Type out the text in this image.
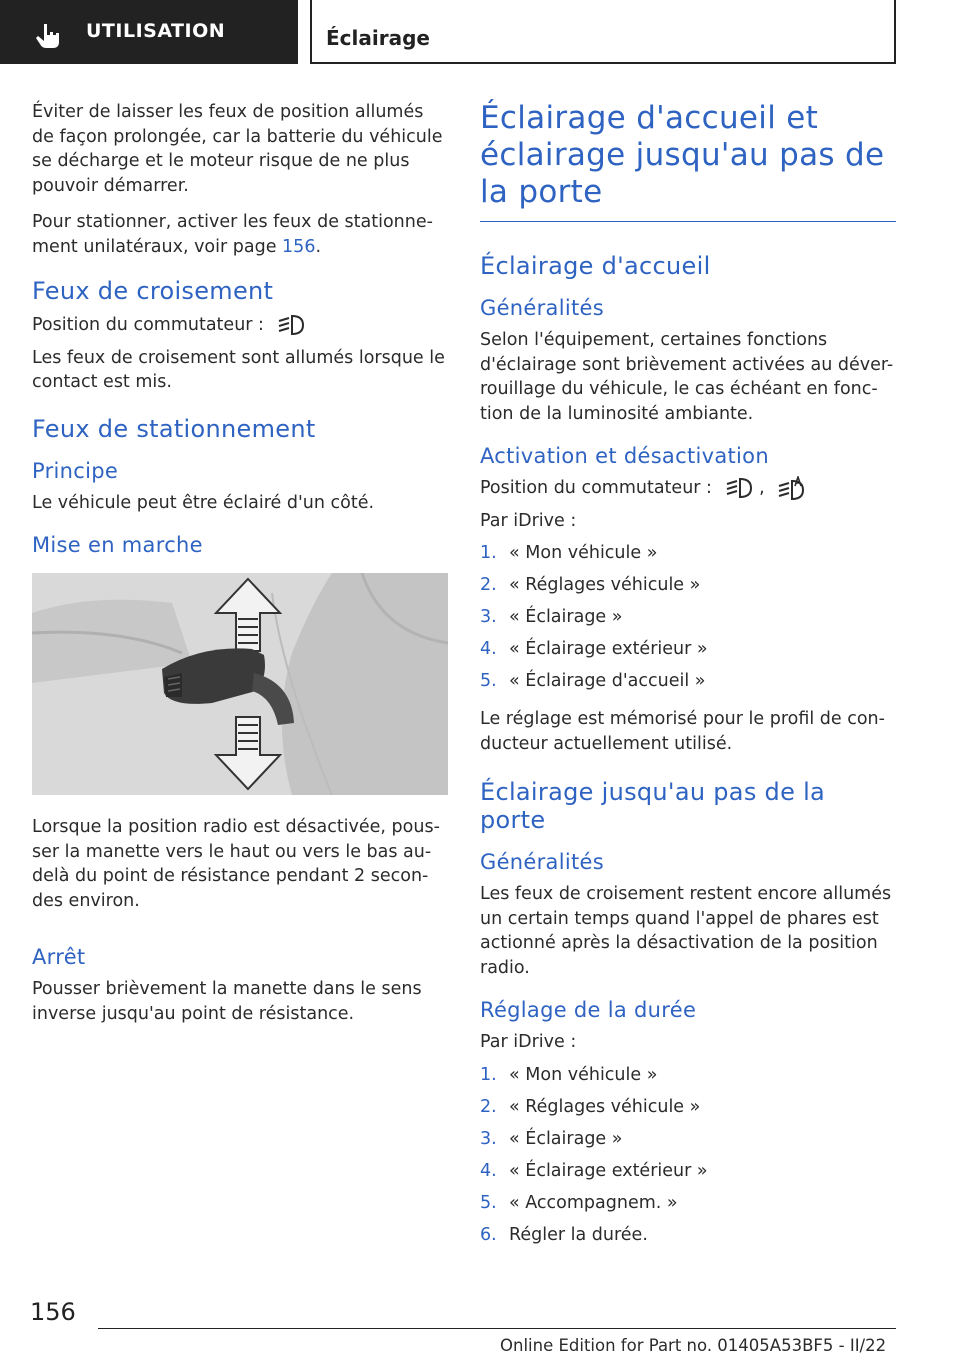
UTILISATION	Éclairage

Éviter de laisser les feux de position allumés de façon prolongée, car la batterie du véhicule se décharge et le moteur risque de ne plus pouvoir démarrer.

Pour stationner, activer les feux de stationne-ment unilatéraux, voir page 156.

Feux de croisement

Position du commutateur :

Les feux de croisement sont allumés lorsque le contact est mis.

Feux de stationnement
Principe

Le véhicule peut être éclairé d'un côté.

Mise en marche

Lorsque la position radio est désactivée, pous-ser la manette vers le haut ou vers le bas au-delà du point de résistance pendant 2 secon-des environ.

Arrêt

Pousser brièvement la manette dans le sens inverse jusqu'au point de résistance.

Éclairage d'accueil et éclairage jusqu'au pas de la porte
Éclairage d'accueil
Généralités

Selon l'équipement, certaines fonctions d'éclairage sont brièvement activées au déver-rouillage du véhicule, le cas échéant en fonc-tion de la luminosité ambiante.

Activation et désactivation

Position du commutateur :	,

Par iDrive :

1. « Mon véhicule »
2. « Réglages véhicule »
3. « Éclairage »
4. « Éclairage extérieur »
5. « Éclairage d'accueil »

Le réglage est mémorisé pour le profil de con-ducteur actuellement utilisé.

Éclairage jusqu'au pas de la porte
Généralités

Les feux de croisement restent encore allumés un certain temps quand l'appel de phares est actionné après la désactivation de la position radio.

Réglage de la durée

Par iDrive :

1. « Mon véhicule »
2. « Réglages véhicule »
3. « Éclairage »
4. « Éclairage extérieur »
5. « Accompagnem. »
6. Régler la durée.
156
Online Edition for Part no. 01405A53BF5 - II/22
